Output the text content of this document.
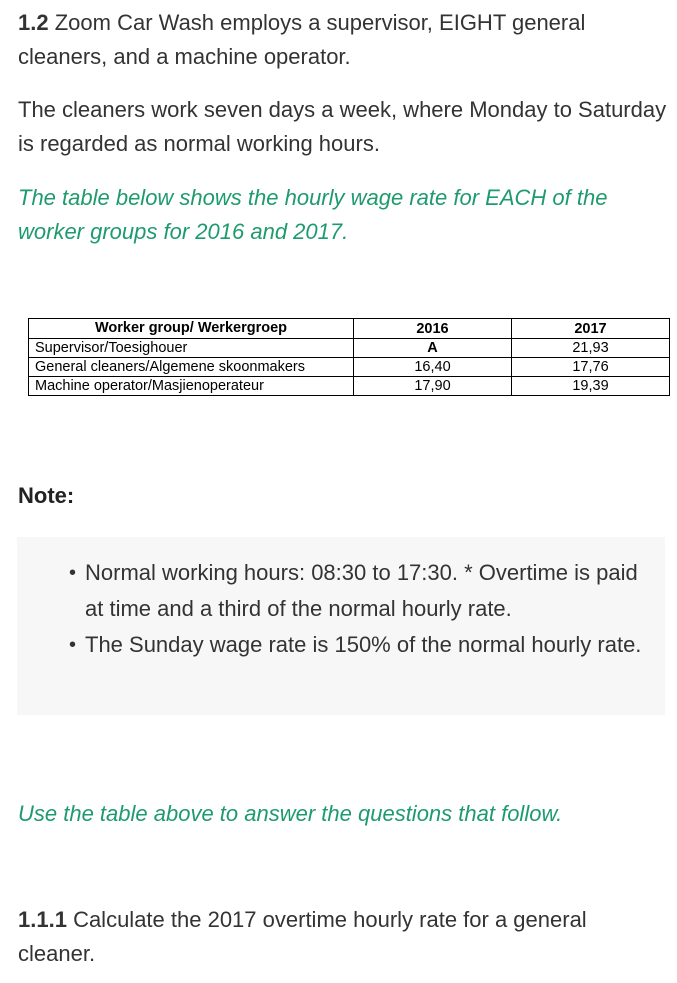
1.2 Zoom Car Wash employs a supervisor, EIGHT general cleaners, and a machine operator.

The cleaners work seven days a week, where Monday to Saturday is regarded as normal working hours.

The table below shows the hourly wage rate for EACH of the worker groups for 2016 and 2017.

Worker group/ Werkergroep	2016	2017
Supervisor/Toesighouer	A	21,93
General cleaners/Algemene skoonmakers	16,40	17,76
Machine operator/Masjienoperateur	17,90	19,39
Note:
• Normal working hours: 08:30 to 17:30. * Overtime is paid at time and a third of the normal hourly rate.
• The Sunday wage rate is 150% of the normal hourly rate.

Use the table above to answer the questions that follow.

1.1.1 Calculate the 2017 overtime hourly rate for a general cleaner.
